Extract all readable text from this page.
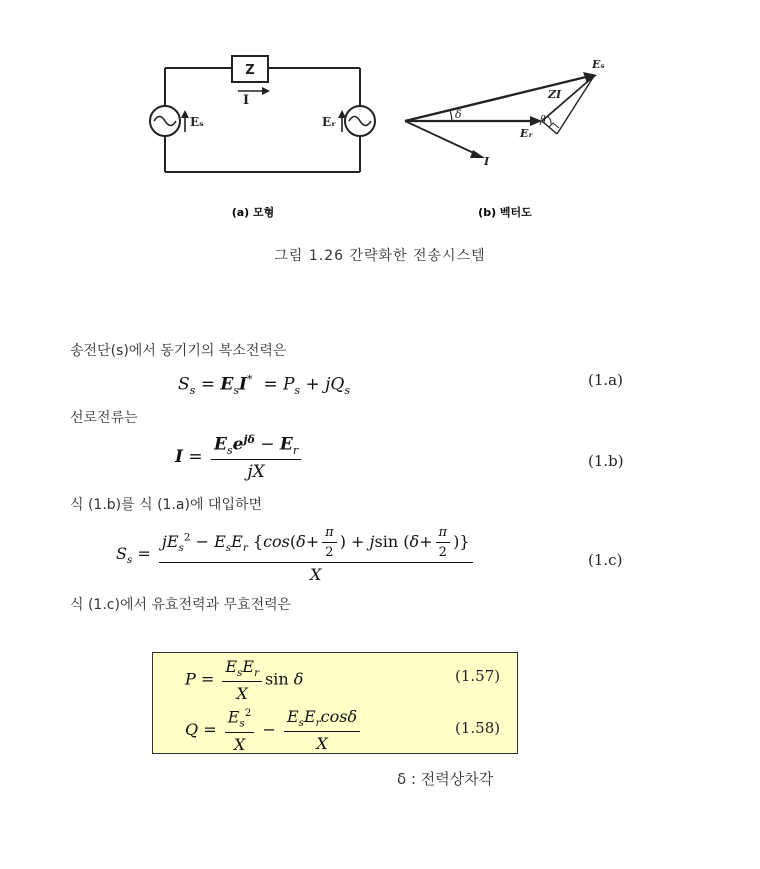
Z
I
Eₛ	Eᵣ
Eₛ
ZI
δ	β
Eᵣ
I
(a) 모형	(b) 벡터도
그림 1.26 간략화한 전송시스템
송전단(s)에서 동기기의 복소전력은
$S_s = E_sI^* = P_s + jQ_s$
(1.a)
선로전류는
$I = \frac{E_se^{j\delta} - E_r}{jX}$	(1.b)
식 (1.b)를 식 (1.a)에 대입하면
$S_s = \frac{jE_s^2 - E_sE_r \{\cos(\delta+ \frac{\pi}{2} ) + jsin (\delta+ \frac{\pi}{2} )\}}{X}$	(1.c)
식 (1.c)에서 유효전력과 무효전력은
$P = \frac{E_sE_r}{X}$ sin δ	(1.57)
$Q = \frac{E_s^2}{X} - \frac{E_sE_r\cos\delta}{X}$	(1.58)
δ : 전력상차각
